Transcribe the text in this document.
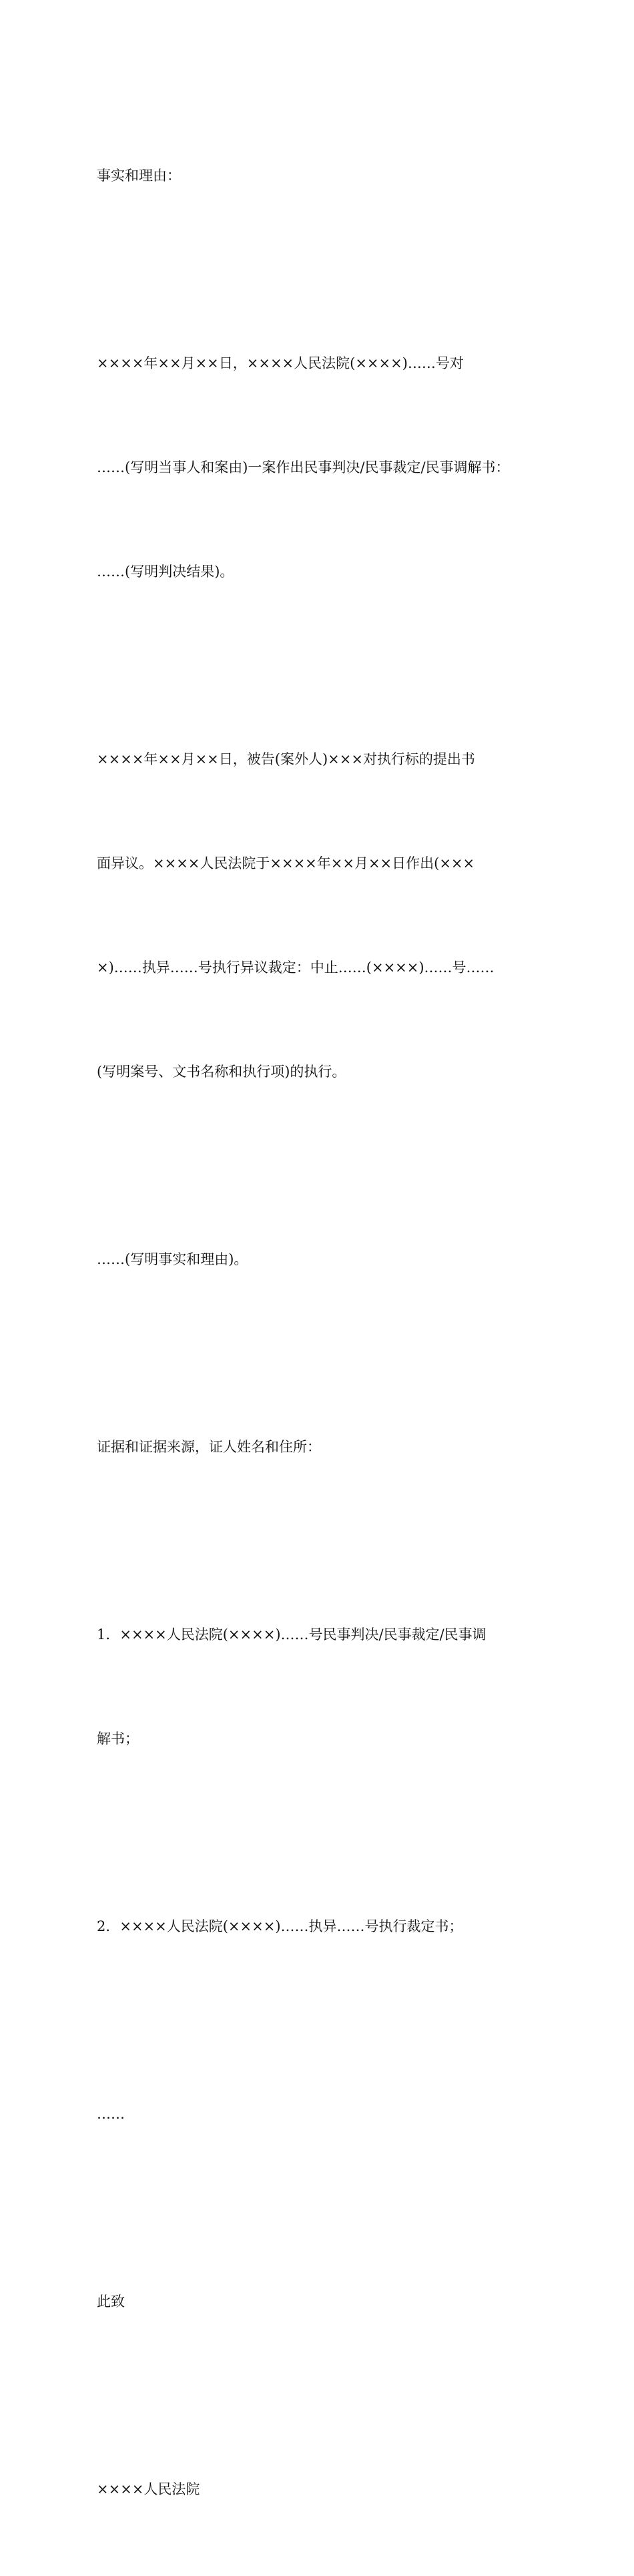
事实和理由：

××××年××月××日，××××人民法院(××××)……号对

……(写明当事人和案由)一案作出民事判决/民事裁定/民事调解书：

……(写明判决结果)。

××××年××月××日，被告(案外人)×××对执行标的提出书

面异议。××××人民法院于××××年××月××日作出(×××

×)……执异……号执行异议裁定：中止……(××××)……号……

(写明案号、文书名称和执行项)的执行。

……(写明事实和理由)。

证据和证据来源，证人姓名和住所：

1．××××人民法院(××××)……号民事判决/民事裁定/民事调

解书；

2．××××人民法院(××××)……执异……号执行裁定书；

……

此致

××××人民法院
